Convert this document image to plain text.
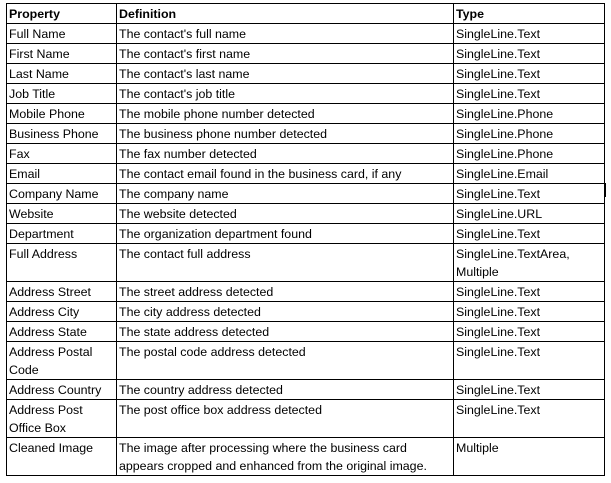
Property	Definition	Type
Full Name	The contact's full name	SingleLine.Text
First Name	The contact's first name	SingleLine.Text
Last Name	The contact's last name	SingleLine.Text
Job Title	The contact's job title	SingleLine.Text
Mobile Phone	The mobile phone number detected	SingleLine.Phone
Business Phone	The business phone number detected	SingleLine.Phone
Fax	The fax number detected	SingleLine.Phone
Email	The contact email found in the business card, if any	SingleLine.Email
Company Name	The company name	SingleLine.Text
Website	The website detected	SingleLine.URL
Department	The organization department found	SingleLine.Text
Full Address	The contact full address	SingleLine.TextArea, Multiple
Address Street	The street address detected	SingleLine.Text
Address City	The city address detected	SingleLine.Text
Address State	The state address detected	SingleLine.Text
Address Postal Code	The postal code address detected	SingleLine.Text
Address Country	The country address detected	SingleLine.Text
Address Post Office Box	The post office box address detected	SingleLine.Text
Cleaned Image	The image after processing where the business card appears cropped and enhanced from the original image.	Multiple
